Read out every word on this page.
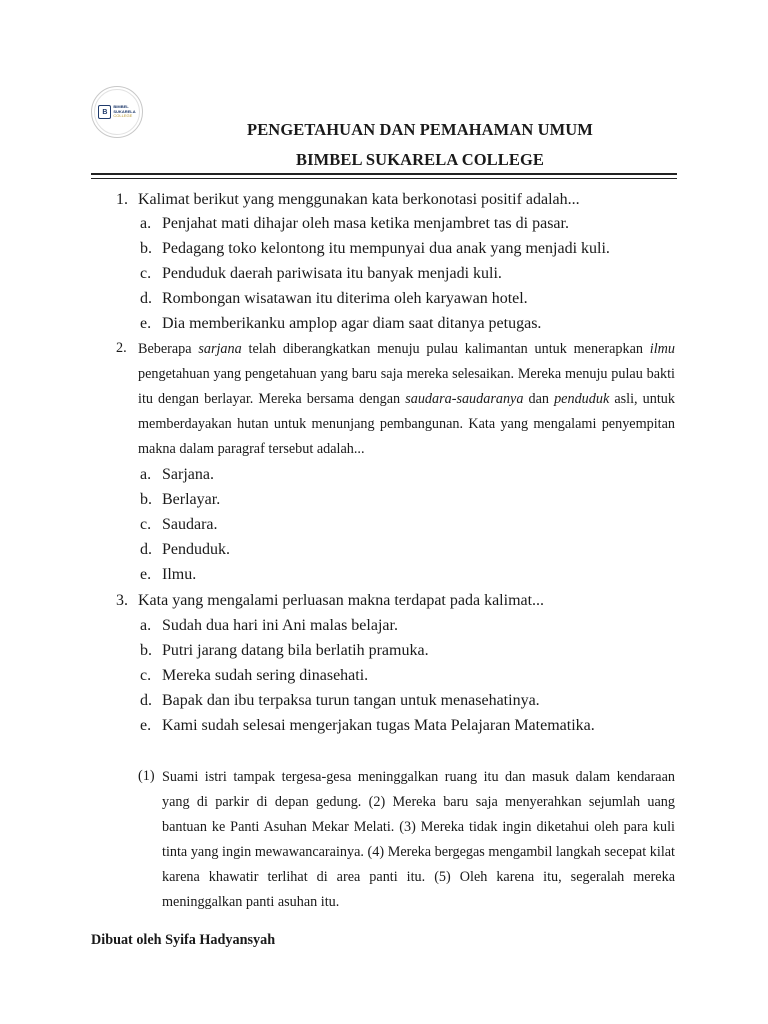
B
BIMBEL
SUKARELA
COLLEGE
PENGETAHUAN DAN PEMAHAMAN UMUM
BIMBEL SUKARELA COLLEGE
1. Kalimat berikut yang menggunakan kata berkonotasi positif adalah...
a. Penjahat mati dihajar oleh masa ketika menjambret tas di pasar.
b. Pedagang toko kelontong itu mempunyai dua anak yang menjadi kuli.
c. Penduduk daerah pariwisata itu banyak menjadi kuli.
d. Rombongan wisatawan itu diterima oleh karyawan hotel.
e. Dia memberikanku amplop agar diam saat ditanya petugas.
2. Beberapa sarjana telah diberangkatkan menuju pulau kalimantan untuk menerapkan ilmu pengetahuan yang pengetahuan yang baru saja mereka selesaikan. Mereka menuju pulau bakti itu dengan berlayar. Mereka bersama dengan saudara-saudaranya dan penduduk asli, untuk memberdayakan hutan untuk menunjang pembangunan. Kata yang mengalami penyempitan makna dalam paragraf tersebut adalah...
a. Sarjana.
b. Berlayar.
c. Saudara.
d. Penduduk.
e. Ilmu.
3. Kata yang mengalami perluasan makna terdapat pada kalimat...
a. Sudah dua hari ini Ani malas belajar.
b. Putri jarang datang bila berlatih pramuka.
c. Mereka sudah sering dinasehati.
d. Bapak dan ibu terpaksa turun tangan untuk menasehatinya.
e. Kami sudah selesai mengerjakan tugas Mata Pelajaran Matematika.
(1) Suami istri tampak tergesa-gesa meninggalkan ruang itu dan masuk dalam kendaraan yang di parkir di depan gedung. (2) Mereka baru saja menyerahkan sejumlah uang bantuan ke Panti Asuhan Mekar Melati. (3) Mereka tidak ingin diketahui oleh para kuli tinta yang ingin mewawancarainya. (4) Mereka bergegas mengambil langkah secepat kilat karena khawatir terlihat di area panti itu. (5) Oleh karena itu, segeralah mereka meninggalkan panti asuhan itu.
Dibuat oleh Syifa Hadyansyah
